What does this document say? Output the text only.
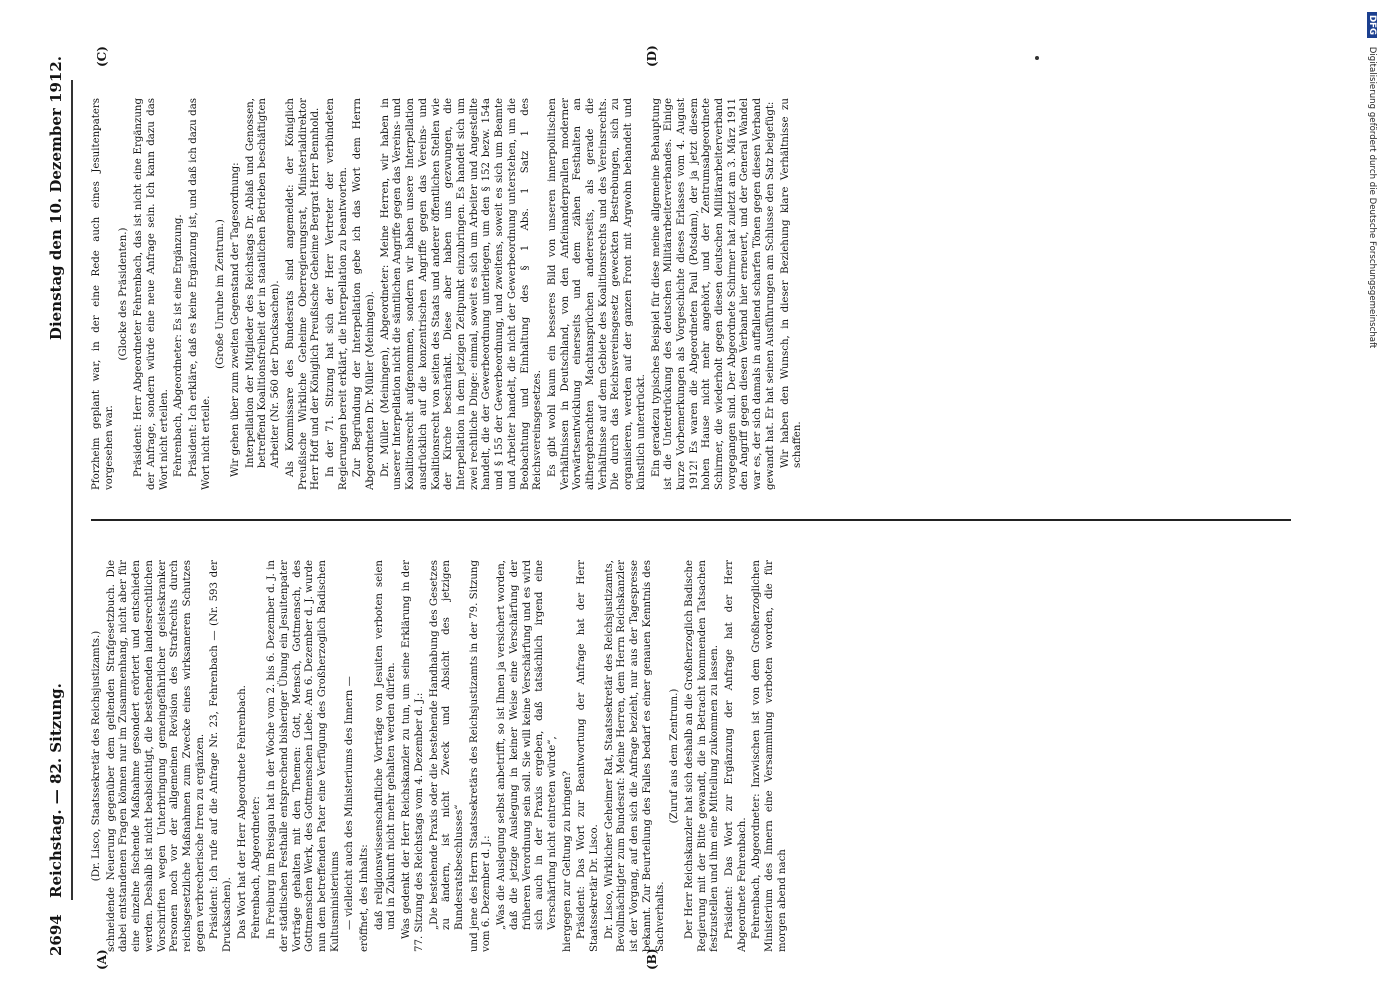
2694
Reichstag. — 82. Sitzung.
Dienstag den 10. Dezember 1912.
(A)	(B)
(C)	(D)

(Dr. Lisco, Staatssekretär des Reichsjustizamts.) schneidende Neuerung gegenüber dem geltenden Strafgesetzbuch. Die dabei entstandenen Fragen können nur im Zusammenhang, nicht aber für eine einzelne fischende Maßnahme gesondert erörtert und entschieden werden. Deshalb ist nicht beabsichtigt, die bestehenden landesrechtlichen Vorschriften wegen Unterbringung gemeingefährlicher geisteskranker Personen noch vor der allgemeinen Revision des Strafrechts durch reichsgesetzliche Maßnahmen zum Zwecke eines wirksameren Schutzes gegen verbrecherische Irren zu ergänzen. Präsident: Ich rufe auf die Anfrage Nr. 23, Fehrenbach — (Nr. 593 der Drucksachen). Das Wort hat der Herr Abgeordnete Fehrenbach. Fehrenbach, Abgeordneter: In Freiburg im Breisgau hat in der Woche vom 2. bis 6. Dezember d. J. in der städtischen Festhalle entsprechend bisheriger Übung ein Jesuitenpater Vorträge gehalten mit den Themen: Gott, Mensch, Gottmensch, des Gottmenschen Werk, des Gottmenschen Liebe. Am 6. Dezember d. J. wurde nun dem betreffenden Pater eine Verfügung des Großherzoglich Badischen Kultusministeriums — vielleicht auch des Ministeriums des Innern — eröffnet, des Inhalts: daß religionswissenschaftliche Vorträge von Jesuiten verboten seien und in Zukunft nicht mehr gehalten werden dürfen. Was gedenkt der Herr Reichskanzler zu tun, um seine Erklärung in der 77. Sitzung des Reichstags vom 4. Dezember d. J.: „Die bestehende Praxis oder die bestehende Handhabung des Gesetzes zu ändern, ist nicht Zweck und Absicht des jetzigen Bundesratsbeschlusses“ und jene des Herrn Staatssekretärs des Reichsjustizamts in der 79. Sitzung vom 6. Dezember d. J.: „Was die Auslegung selbst anbetrifft, so ist Ihnen ja versichert worden, daß die jetzige Auslegung in keiner Weise eine Verschärfung der früheren Verordnung sein soll. Sie will keine Verschärfung und es wird sich auch in der Praxis ergeben, daß tatsächlich irgend eine Verschärfung nicht eintreten würde“, hiergegen zur Geltung zu bringen? Präsident: Das Wort zur Beantwortung der Anfrage hat der Herr Staatssekretär Dr. Lisco. Dr. Lisco, Wirklicher Geheimer Rat, Staatssekretär des Reichsjustizamts, Bevollmächtigter zum Bundesrat: Meine Herren, dem Herrn Reichskanzler ist der Vorgang, auf den sich die Anfrage bezieht, nur aus der Tagespresse bekannt. Zur Beurteilung des Falles bedarf es einer genauen Kenntnis des Sachverhalts.

(Zuruf aus dem Zentrum.) Der Herr Reichskanzler hat sich deshalb an die Großherzoglich Badische Regierung mit der Bitte gewandt, die in Betracht kommenden Tatsachen festzustellen und ihm eine Mitteilung zukommen zu lassen. Präsident: Das Wort zur Ergänzung der Anfrage hat der Herr Abgeordnete Fehrenbach. Fehrenbach, Abgeordneter: Inzwischen ist von dem Großherzoglichen Ministerium des Innern eine Versammlung verboten worden, die für morgen abend nach

Pforzheim geplant war, in der eine Rede auch eines Jesuitenpaters vorgesehen war.

(Glocke des Präsidenten.) Präsident: Herr Abgeordneter Fehrenbach, das ist nicht eine Ergänzung der Anfrage, sondern würde eine neue Anfrage sein. Ich kann dazu das Wort nicht erteilen. Fehrenbach, Abgeordneter: Es ist eine Ergänzung. Präsident: Ich erkläre, daß es keine Ergänzung ist, und daß ich dazu das Wort nicht erteile.

(Große Unruhe im Zentrum.) Wir gehen über zum zweiten Gegenstand der Tagesordnung: Interpellation der Mitglieder des Reichstags Dr. Ablaß und Genossen, betreffend Koalitionsfreiheit der in staatlichen Betrieben beschäftigten Arbeiter (Nr. 560 der Drucksachen). Als Kommissare des Bundesrats sind angemeldet: der Königlich Preußische Wirkliche Geheime Oberregierungsrat, Ministerialdirektor Herr Hoff und der Königlich Preußische Geheime Bergrat Herr Bennhold. In der 71. Sitzung hat sich der Herr Vertreter der verbündeten Regierungen bereit erklärt, die Interpellation zu beantworten. Zur Begründung der Interpellation gebe ich das Wort dem Herrn Abgeordneten Dr. Müller (Meiningen). Dr. Müller (Meiningen), Abgeordneter: Meine Herren, wir haben in unserer Interpellation nicht die sämtlichen Angriffe gegen das Vereins- und Koalitionsrecht aufgenommen, sondern wir haben unsere Interpellation ausdrücklich auf die konzentrischen Angriffe gegen das Vereins- und Koalitionsrecht von seiten des Staats und anderer öffentlichen Stellen wie der Kirche beschränkt. Diese aber haben uns gezwungen, die Interpellation in dem jetzigen Zeitpunkt einzubringen. Es handelt sich um zwei rechtliche Dinge: einmal, soweit es sich um Arbeiter und Angestellte handelt, die der Gewerbeordnung unterliegen, um den § 152 bezw. 154a und § 155 der Gewerbeordnung, und zweitens, soweit es sich um Beamte und Arbeiter handelt, die nicht der Gewerbeordnung unterstehen, um die Beobachtung und Einhaltung des § 1 Abs. 1 Satz 1 des Reichsvereinsgesetzes. Es gibt wohl kaum ein besseres Bild von unseren innerpolitischen Verhältnissen in Deutschland, von den Anfeinanderprallen moderner Vorwärtsentwicklung einerseits und dem zähen Festhalten an althergebrachten Machtansprüchen andererseits, als gerade die Verhältnisse auf dem Gebiete des Koalitionsrechts und des Vereinsrechts. Die durch das Reichsvereinsgesetz geweckten Bestrebungen, sich zu organisieren, werden auf der ganzen Front mit Argwohn behandelt und künstlich unterdrückt. Ein geradezu typisches Beispiel für diese meine allgemeine Behauptung ist die Unterdrückung des deutschen Militärarbeiterverbandes. Einige kurze Vorbemerkungen als Vorgeschichte dieses Erlasses vom 4. August 1912! Es waren die Abgeordneten Paul (Potsdam), der ja jetzt diesem hohen Hause nicht mehr angehört, und der Zentrumsabgeordnete Schirmer, die wiederholt gegen diesen deutschen Militärarbeiterverband vorgegangen sind. Der Abgeordnete Schirmer hat zuletzt am 3. März 1911 den Angriff gegen diesen Verband hier erneuert, und der General Wandel war es, der sich damals in auffallend scharfen Tönen gegen diesen Verband gewandt hat. Er hat seinen Ausführungen am Schlusse den Satz beigefügt: Wir haben den Wunsch, in dieser Beziehung klare Verhältnisse zu schaffen.

DFG Digitalisierung gefördert durch die Deutsche Forschungsgemeinschaft
